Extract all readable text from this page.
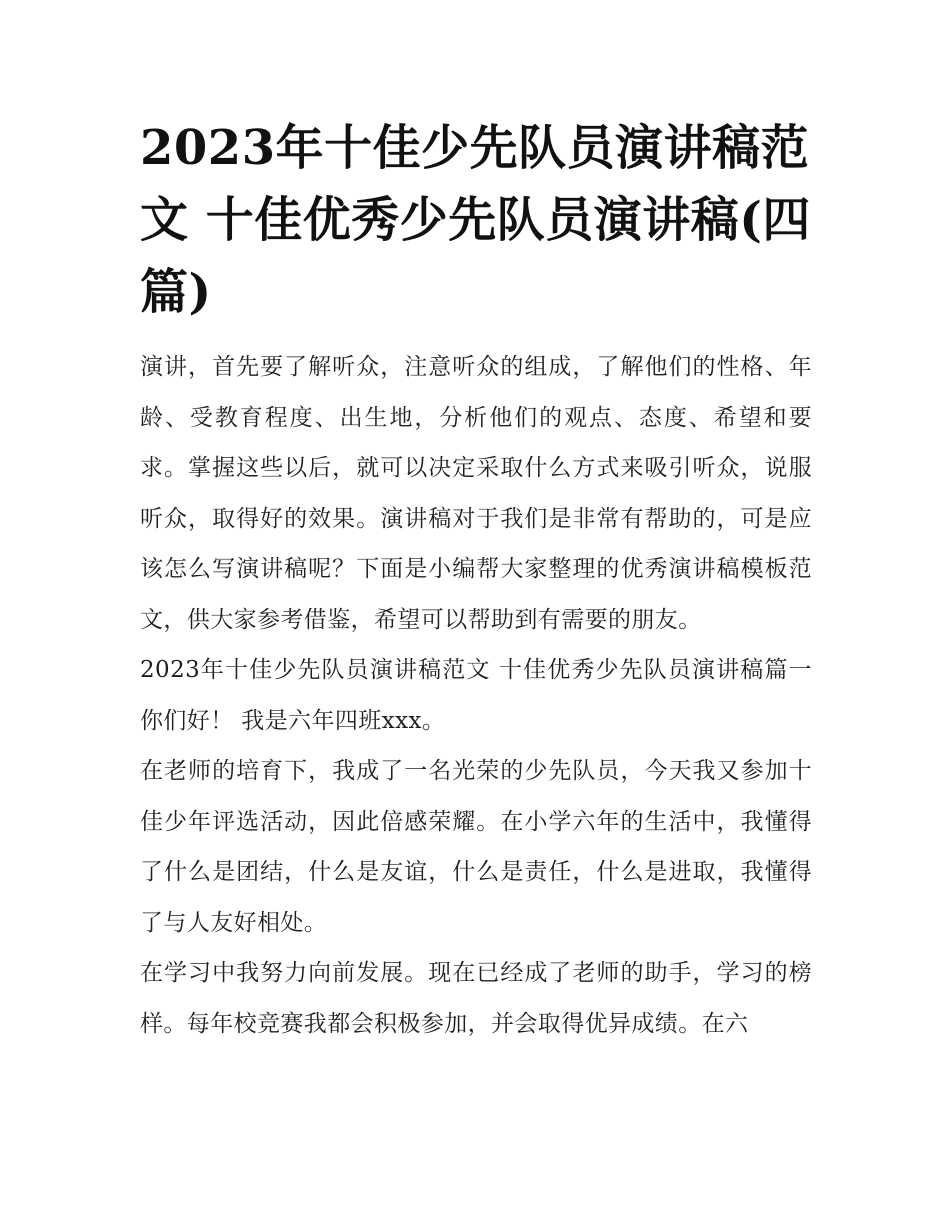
2023年十佳少先队员演讲稿范文 十佳优秀少先队员演讲稿(四篇)

演讲，首先要了解听众，注意听众的组成，了解他们的性格、年龄、受教育程度、出生地，分析他们的观点、态度、希望和要求。掌握这些以后，就可以决定采取什么方式来吸引听众，说服听众，取得好的效果。演讲稿对于我们是非常有帮助的，可是应该怎么写演讲稿呢？下面是小编帮大家整理的优秀演讲稿模板范文，供大家参考借鉴，希望可以帮助到有需要的朋友。

2023年十佳少先队员演讲稿范文 十佳优秀少先队员演讲稿篇一 你们好！ 我是六年四班xxx。

在老师的培育下，我成了一名光荣的少先队员，今天我又参加十佳少年评选活动，因此倍感荣耀。在小学六年的生活中，我懂得了什么是团结，什么是友谊，什么是责任，什么是进取，我懂得了与人友好相处。

在学习中我努力向前发展。现在已经成了老师的助手，学习的榜样。每年校竞赛我都会积极参加，并会取得优异成绩。在六
